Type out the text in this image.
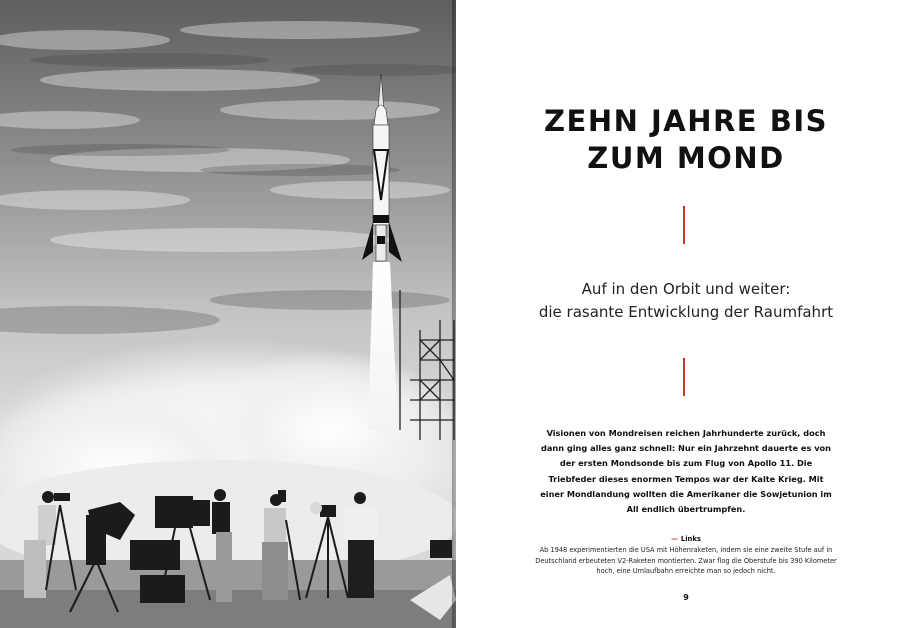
ZEHN JAHRE BIS
ZUM MOND
Auf in den Orbit und weiter:
die rasante Entwicklung der Raumfahrt

Visionen von Mondreisen reichen Jahrhunderte zurück, doch dann ging alles ganz schnell: Nur ein Jahrzehnt dauerte es von der ersten Mondsonde bis zum Flug von Apollo 11. Die Triebfeder dieses enormen Tempos war der Kalte Krieg. Mit einer Mondlandung wollten die Amerikaner die Sowjetunion im All endlich übertrumpfen.

— Links

Ab 1948 experimentierten die USA mit Höhenraketen, indem sie eine zweite Stufe auf in Deutschland erbeuteten V2-Raketen montierten. Zwar flog die Oberstufe bis 390 Kilometer hoch, eine Umlaufbahn erreichte man so jedoch nicht.

9
